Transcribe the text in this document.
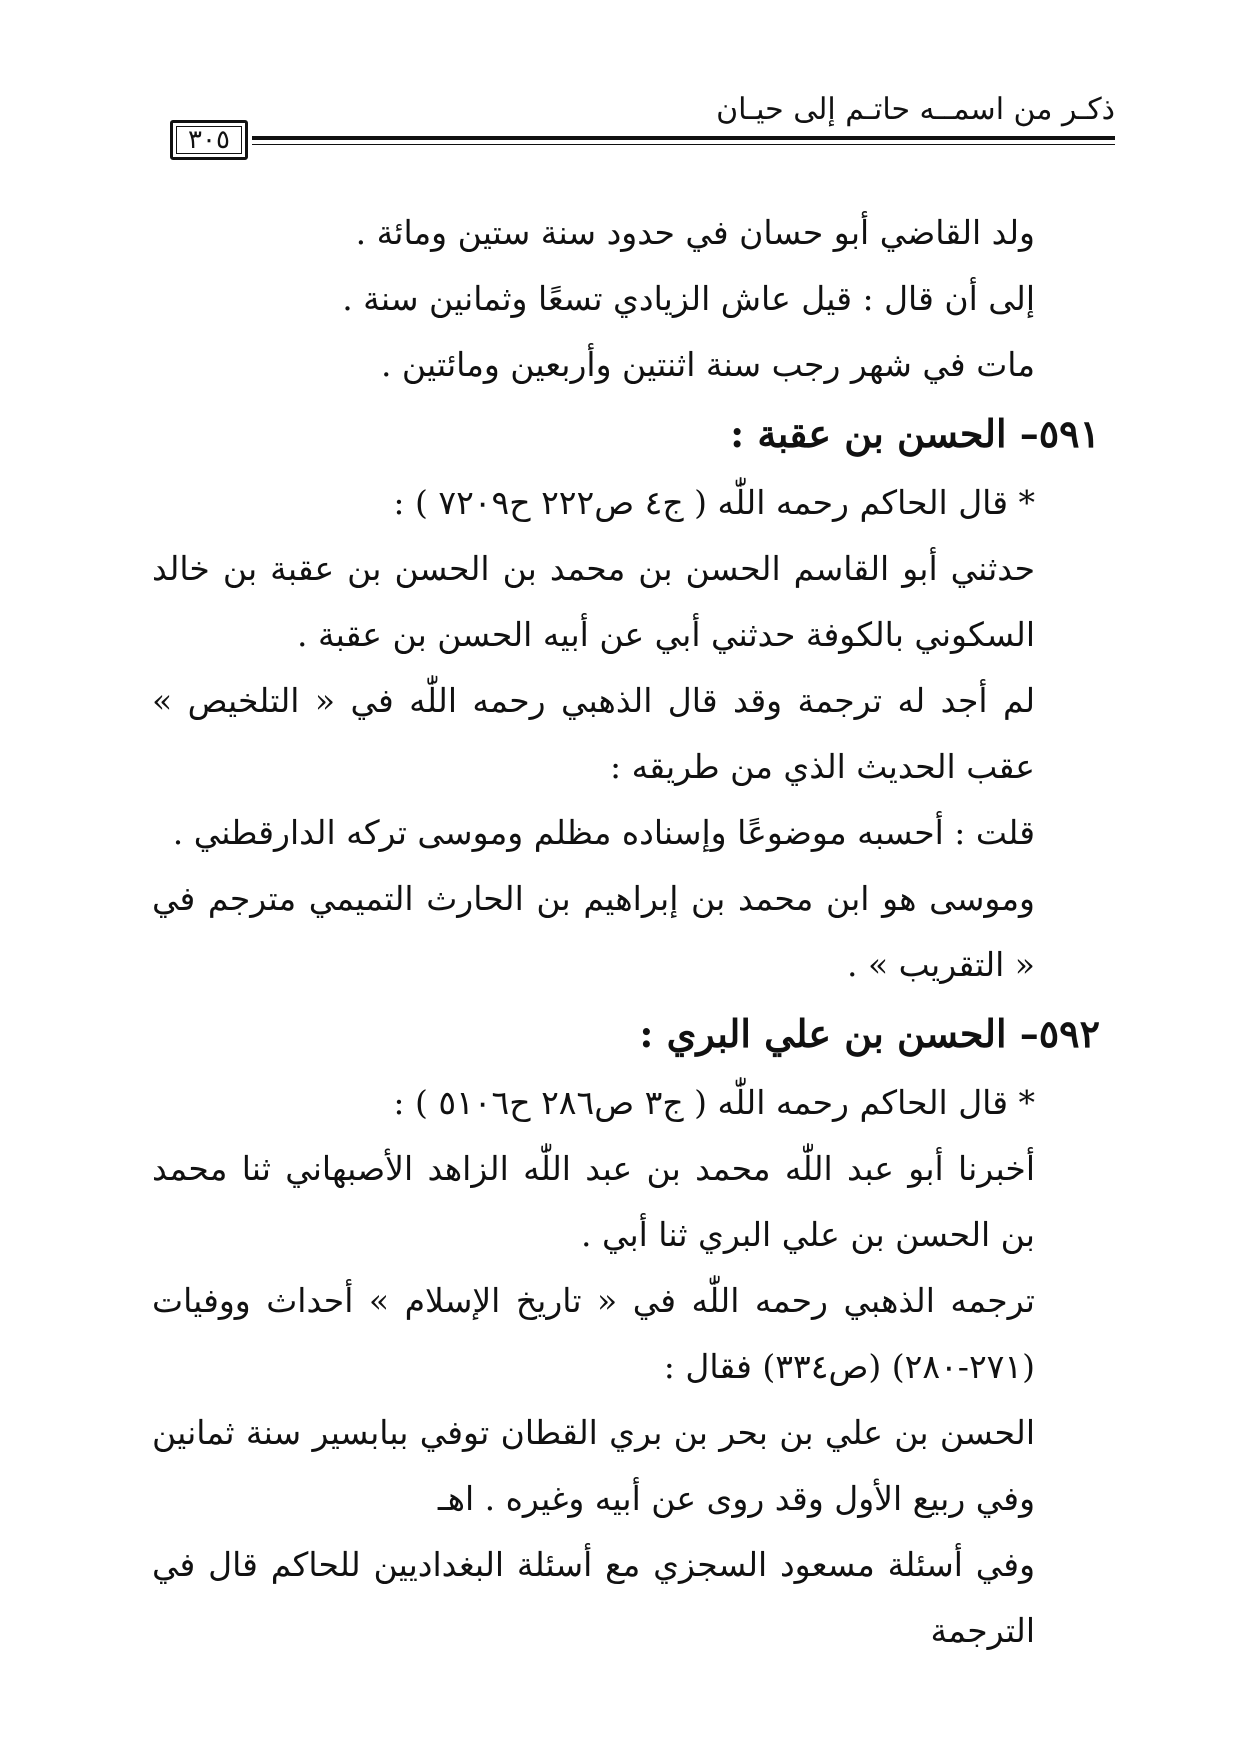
ذكـر من اسمــه حاتـم إلى حيـان
٣٠٥

ولد القاضي أبو حسان في حدود سنة ستين ومائة .

إلى أن قال : قيل عاش الزيادي تسعًا وثمانين سنة .

مات في شهر رجب سنة اثنتين وأربعين ومائتين .

٥٩١– الحسن بن عقبة :

* قال الحاكم رحمه اللّٰه ( ج٤ ص٢٢٢ ح٧٢٠٩ ) :

حدثني أبو القاسم الحسن بن محمد بن الحسن بن عقبة بن خالد السكوني بالكوفة حدثني أبي عن أبيه الحسن بن عقبة .

لم أجد له ترجمة وقد قال الذهبي رحمه اللّٰه في « التلخيص » عقب الحديث الذي من طريقه :

قلت : أحسبه موضوعًا وإسناده مظلم وموسى تركه الدارقطني .

وموسى هو ابن محمد بن إبراهيم بن الحارث التميمي مترجم في « التقريب » .

٥٩٢– الحسن بن علي البري :

* قال الحاكم رحمه اللّٰه ( ج٣ ص٢٨٦ ح٥١٠٦ ) :

أخبرنا أبو عبد اللّٰه محمد بن عبد اللّٰه الزاهد الأصبهاني ثنا محمد بن الحسن بن علي البري ثنا أبي .

ترجمه الذهبي رحمه اللّٰه في « تاريخ الإسلام » أحداث ووفيات (٢٧١-٢٨٠) (ص٣٣٤) فقال :

الحسن بن علي بن بحر بن بري القطان توفي ببابسير سنة ثمانين وفي ربيع الأول وقد روى عن أبيه وغيره . اهـ

وفي أسئلة مسعود السجزي مع أسئلة البغداديين للحاكم قال في الترجمة
